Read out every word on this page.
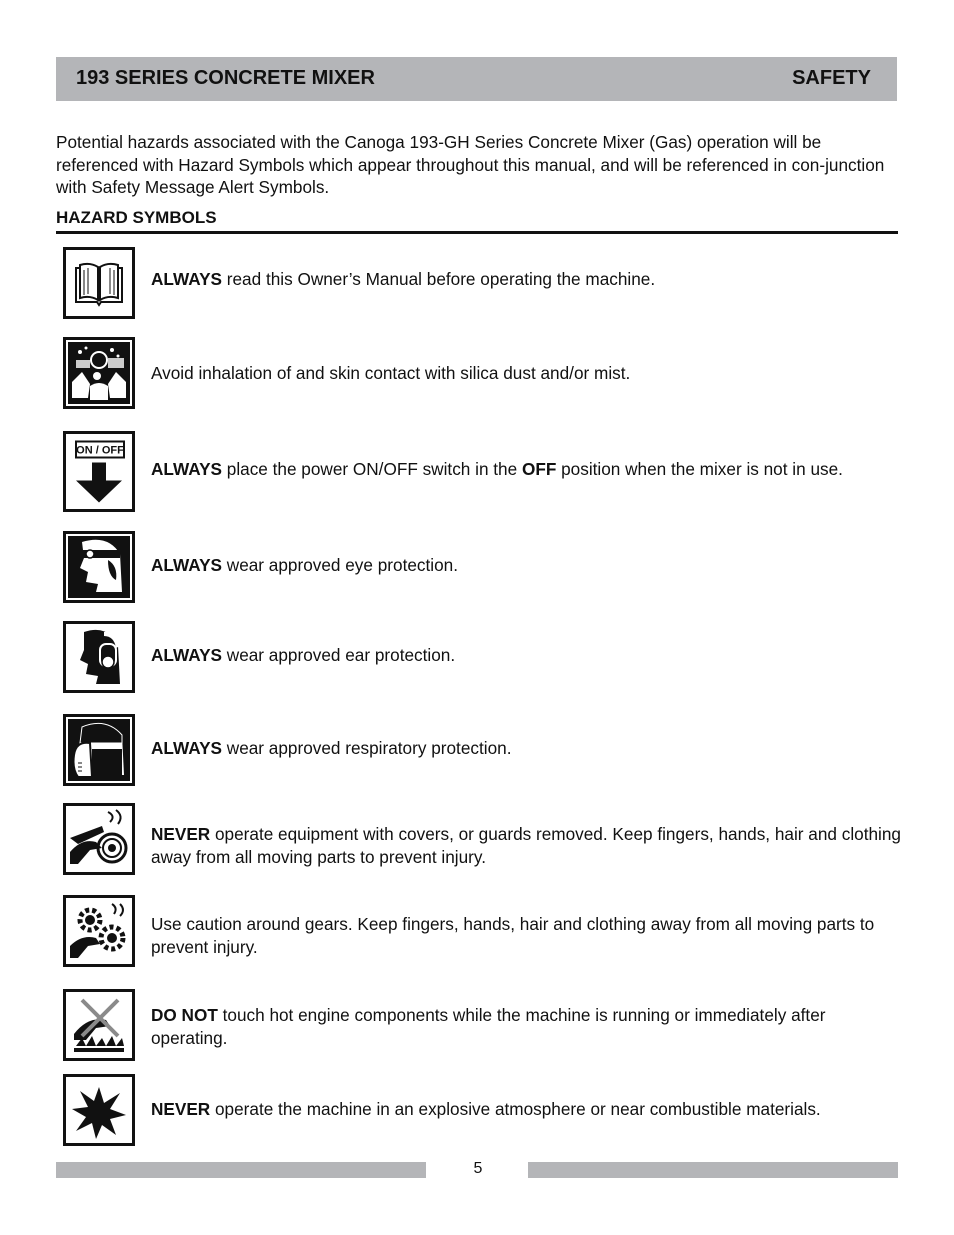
193 SERIES CONCRETE MIXER	SAFETY

Potential hazards associated with the Canoga 193-GH Series Concrete Mixer (Gas) operation will be referenced with Hazard Symbols which appear throughout this manual, and will be referenced in con-junction with Safety Message Alert Symbols.

HAZARD SYMBOLS
ALWAYS read this Owner’s Manual before operating the machine.
Avoid inhalation of and skin contact with silica dust and/or mist.
ON / OFF
ALWAYS place the power ON/OFF switch in the OFF position when the mixer is not in use.
ALWAYS wear approved eye protection.
ALWAYS wear approved ear protection.
ALWAYS wear approved respiratory protection.
NEVER operate equipment with covers, or guards removed. Keep fingers, hands, hair and clothing away from all moving parts to prevent injury.
Use caution around gears. Keep fingers, hands, hair and clothing away from all moving parts to prevent injury.
DO NOT touch hot engine components while the machine is running or immediately after operating.
NEVER operate the machine in an explosive atmosphere or near combustible materials.
5
